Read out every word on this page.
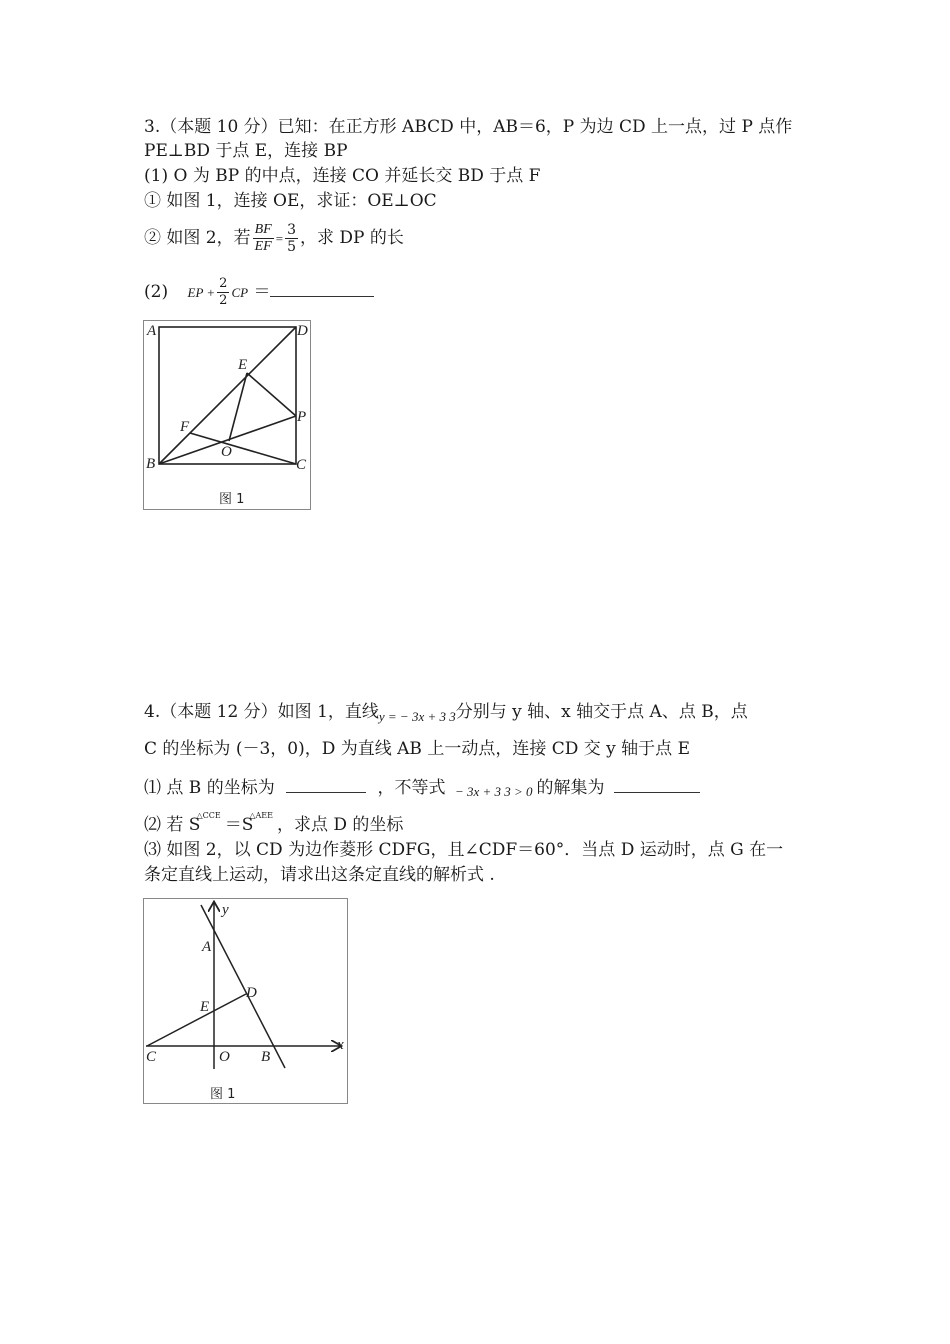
3.（本题 10 分）已知：在正方形 ABCD 中，AB＝6，P 为边 CD 上一点，过 P 点作
PE⊥BD 于点 E，连接 BP
(1) O 为 BP 的中点，连接 CO 并延长交 BD 于点 F
① 如图 1，连接 OE，求证：OE⊥OC
② 如图 2，若 $\frac{BF}{EF} = \frac{3}{5}$ ，求 DP 的长
(2) EP + $\frac{2}{2}$ CP ＝
A	D
E
P
F
O
B	C
图 1
4.（本题 12 分）如图 1，直线$_{y = - 3x + 3 3}$分别与 y 轴、x 轴交于点 A、点 B，点
C 的坐标为 (－3，0)，D 为直线 AB 上一动点，连接 CD 交 y 轴于点 E
⑴ 点 B 的坐标为	，不等式 − 3x + 3 3 > 0 的解集为
⑵ 若 $S^{\triangle CCE} =S^{\triangle AEE}$ ，求点 D 的坐标
⑶ 如图 2，以 CD 为边作菱形 CDFG，且∠CDF＝60°．当点 D 运动时，点 G 在一
条定直线上运动，请求出这条定直线的解析式 .
y
A
D
E
C	O B
x
图 1
